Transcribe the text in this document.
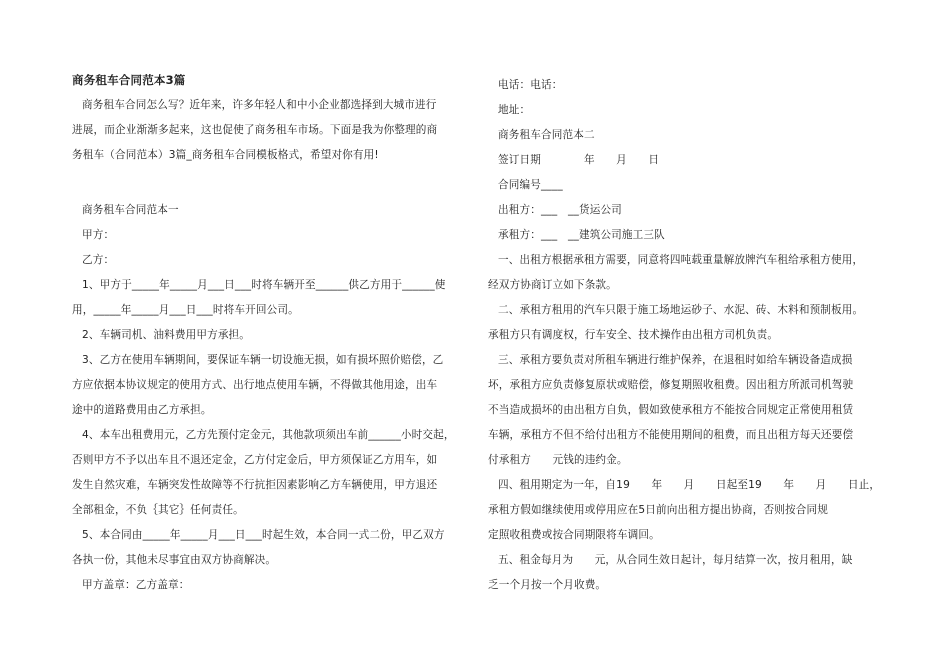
商务租车合同范本3篇
商务租车合同怎么写？近年来，许多年轻人和中小企业都选择到大城市进行
进展，而企业渐渐多起来，这也促使了商务租车市场。下面是我为你整理的商
务租车（合同范本）3篇_商务租车合同模板格式，希望对你有用!
商务租车合同范本一
甲方：
乙方：
1、甲方于_____年_____月___日___时将车辆开至______供乙方用于______使
用，_____年_____月___日___时将车开回公司。
2、车辆司机、油料费用甲方承担。
3、乙方在使用车辆期间，要保证车辆一切设施无损，如有损坏照价赔偿，乙
方应依据本协议规定的使用方式、出行地点使用车辆，不得做其他用途，出车
途中的道路费用由乙方承担。
4、本车出租费用元，乙方先预付定金元，其他款项须出车前______小时交起，
否则甲方不予以出车且不退还定金，乙方付定金后，甲方须保证乙方用车，如
发生自然灾难，车辆突发性故障等不行抗拒因素影响乙方车辆使用，甲方退还
全部租金，不负｛其它｝任何责任。
5、本合同由_____年_____月___日___时起生效，本合同一式二份，甲乙双方
各执一份，其他未尽事宜由双方协商解决。
甲方盖章：乙方盖章：
电话：电话：
地址：
商务租车合同范本二
签订日期　　　　年　　月　　日
合同编号____
出租方：___　__货运公司
承租方：___　__建筑公司施工三队
一、出租方根据承租方需要，同意将四吨载重量解放牌汽车租给承租方使用，
经双方协商订立如下条款。
二、承租方租用的汽车只限于施工场地运砂子、水泥、砖、木料和预制板用。
承租方只有调度权，行车安全、技术操作由出租方司机负责。
三、承租方要负责对所租车辆进行维护保养，在退租时如给车辆设备造成损
坏，承租方应负责修复原状或赔偿，修复期照收租费。因出租方所派司机驾驶
不当造成损坏的由出租方自负，假如致使承租方不能按合同规定正常使用租赁
车辆，承租方不但不给付出租方不能使用期间的租费，而且出租方每天还要偿
付承租方　　元钱的违约金。
四、租用期定为一年，自19　　年　　月　　日起至19　　年　　月　　日止，
承租方假如继续使用或停用应在5日前向出租方提出协商，否则按合同规
定照收租费或按合同期限将车调回。
五、租金每月为　　元，从合同生效日起计，每月结算一次，按月租用，缺
乏一个月按一个月收费。
